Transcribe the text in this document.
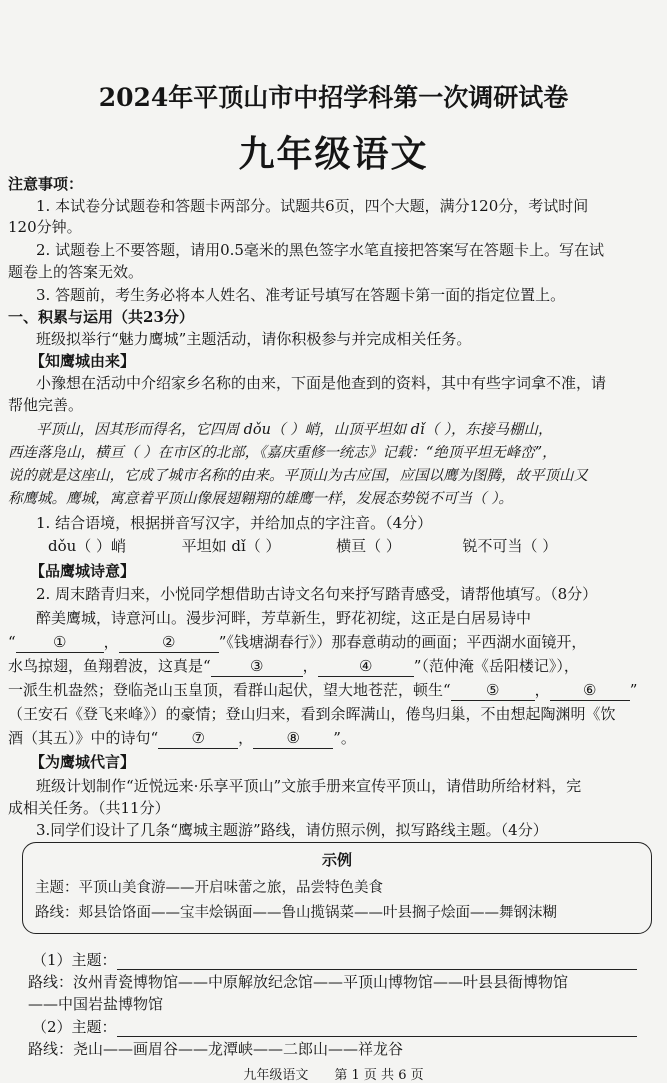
2024年平顶山市中招学科第一次调研试卷
九年级语文
注意事项：
1. 本试卷分试题卷和答题卡两部分。试题共6页，四个大题，满分120分，考试时间
120分钟。
2. 试题卷上不要答题，请用0.5毫米的黑色签字水笔直接把答案写在答题卡上。写在试
题卷上的答案无效。
3. 答题前，考生务必将本人姓名、准考证号填写在答题卡第一面的指定位置上。
一、积累与运用（共23分）
班级拟举行“魅力鹰城”主题活动，请你积极参与并完成相关任务。
【知鹰城由来】
小豫想在活动中介绍家乡名称的由来，下面是他查到的资料，其中有些字词拿不准，请
帮他完善。
平顶山，因其形而得名，它四周 dǒu（ ）峭，山顶平坦如 dǐ（ ），东接马棚山，
西连落凫山，横亘（ ）在市区的北部，《嘉庆重修一统志》记载：“绝顶平坦无峰峦”，
说的就是这座山，它成了城市名称的由来。平顶山为古应国，应国以鹰为图腾，故平顶山又
称鹰城。鹰城，寓意着平顶山像展翅翱翔的雄鹰一样，发展态势锐不可当（ ）。
1. 结合语境，根据拼音写汉字，并给加点的字注音。（4分）
dǒu（ ）峭	平坦如 dǐ（ ）	横亘（ ）	锐不可当（ ）
【品鹰城诗意】
2. 周末踏青归来，小悦同学想借助古诗文名句来抒写踏青感受，请帮他填写。（8分）
醉美鹰城，诗意河山。漫步河畔，芳草新生，野花初绽，这正是白居易诗中
“ ① ，	②	”《钱塘湖春行》）那春意萌动的画面；平西湖水面镜开，
水鸟掠翅，鱼翔碧波，这真是“	③	，	④	”（范仲淹《岳阳楼记》），
一派生机盎然；登临尧山玉皇顶，看群山起伏，望大地苍茫，顿生“ ⑤ ， ⑥ ”
（王安石《登飞来峰》）的豪情；登山归来，看到余晖满山，倦鸟归巢，不由想起陶渊明《饮
酒（其五）》中的诗句“ ⑦ ， ⑧ ”。
【为鹰城代言】
班级计划制作“近悦远来·乐享平顶山”文旅手册来宣传平顶山，请借助所给材料，完
成相关任务。（共11分）
3.同学们设计了几条“鹰城主题游”路线，请仿照示例，拟写路线主题。（4分）
示例
主题：平顶山美食游——开启味蕾之旅，品尝特色美食
路线：郏县饸饹面——宝丰烩锅面——鲁山揽锅菜——叶县搁子烩面——舞钢沫糊
（1）主题：
路线：汝州青瓷博物馆——中原解放纪念馆——平顶山博物馆——叶县县衙博物馆
——中国岩盐博物馆
（2）主题：
路线：尧山——画眉谷——龙潭峡——二郎山——祥龙谷
九年级语文　　第 1 页 共 6 页
